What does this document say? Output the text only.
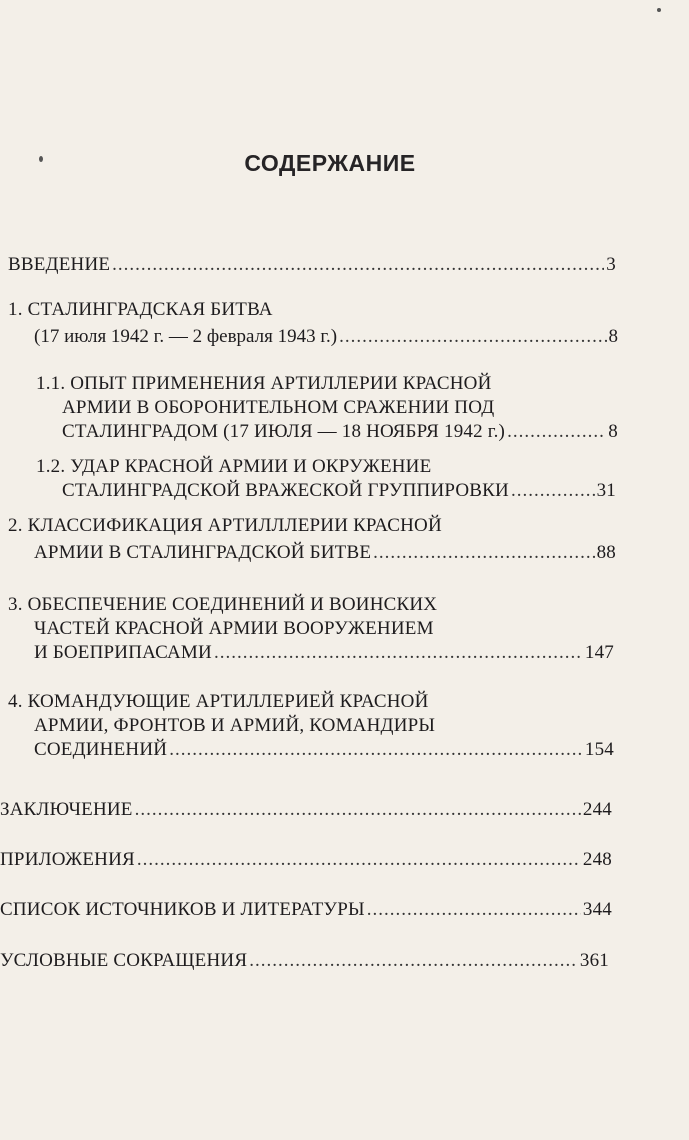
СОДЕРЖАНИЕ
ВВЕДЕНИЕ .....	3
1. СТАЛИНГРАДСКАЯ БИТВА
(17 июля 1942 г. — 2 февраля 1943 г.) .....	8
1.1. ОПЫТ ПРИМЕНЕНИЯ АРТИЛЛЕРИИ КРАСНОЙ
АРМИИ В ОБОРОНИТЕЛЬНОМ СРАЖЕНИИ ПОД
СТАЛИНГРАДОМ (17 ИЮЛЯ — 18 НОЯБРЯ 1942 г.) .....	8
1.2. УДАР КРАСНОЙ АРМИИ И ОКРУЖЕНИЕ
СТАЛИНГРАДСКОЙ ВРАЖЕСКОЙ ГРУППИРОВКИ .....	31
2. КЛАССИФИКАЦИЯ АРТИЛЛЛЕРИИ КРАСНОЙ
АРМИИ В СТАЛИНГРАДСКОЙ БИТВЕ .....	88
3. ОБЕСПЕЧЕНИЕ СОЕДИНЕНИЙ И ВОИНСКИХ
ЧАСТЕЙ КРАСНОЙ АРМИИ ВООРУЖЕНИЕМ
И БОЕПРИПАСАМИ .....	147
4. КОМАНДУЮЩИЕ АРТИЛЛЕРИЕЙ КРАСНОЙ
АРМИИ, ФРОНТОВ И АРМИЙ, КОМАНДИРЫ
СОЕДИНЕНИЙ .....	154
ЗАКЛЮЧЕНИЕ .....	244
ПРИЛОЖЕНИЯ .....	248
СПИСОК ИСТОЧНИКОВ И ЛИТЕРАТУРЫ .....	344
УСЛОВНЫЕ СОКРАЩЕНИЯ .....	361
